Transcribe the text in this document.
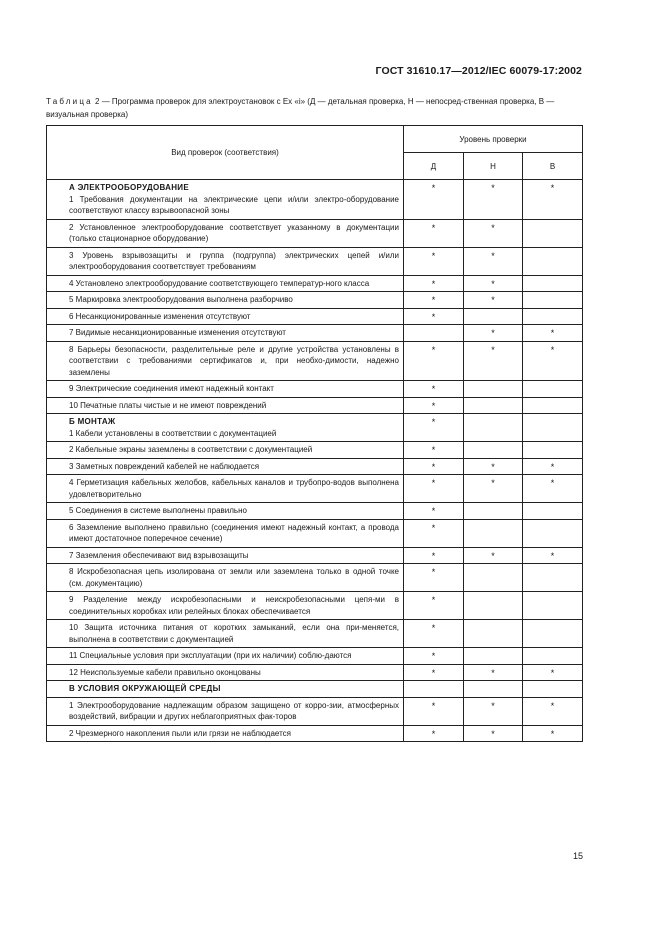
ГОСТ 31610.17—2012/IEC 60079-17:2002
Таблица 2 — Программа проверок для электроустановок с Ex «i» (Д — детальная проверка, Н — непосред-ственная проверка, В — визуальная проверка)
Вид проверок (соответствия)	Уровень проверки		
	Д	Н	В

А ЭЛЕКТРООБОРУДОВАНИЕ
1 Требования документации на электрические цепи и/или электро-оборудование соответствуют классу взрывоопасной зоны	*	*	*

2 Установленное электрооборудование соответствует указанному в документации (только стационарное оборудование)	*	*	

3 Уровень взрывозащиты и группа (подгруппа) электрических цепей и/или электрооборудования соответствует требованиям	*	*	

4 Установлено электрооборудование соответствующего температур-ного класса	*	*	

5 Маркировка электрооборудования выполнена разборчиво	*	*	

6 Несанкционированные изменения отсутствуют	*		

7 Видимые несанкционированные изменения отсутствуют		*	*

8 Барьеры безопасности, разделительные реле и другие устройства установлены в соответствии с требованиями сертификатов и, при необхо-димости, надежно заземлены	*	*	*

9 Электрические соединения имеют надежный контакт	*		

10 Печатные платы чистые и не имеют повреждений	*		

Б МОНТАЖ
1 Кабели установлены в соответствии с документацией	*		

2 Кабельные экраны заземлены в соответствии с документацией	*		

3 Заметных повреждений кабелей не наблюдается	*	*	*

4 Герметизация кабельных желобов, кабельных каналов и трубопро-водов выполнена удовлетворительно	*	*	*

5 Соединения в системе выполнены правильно	*		

6 Заземление выполнено правильно (соединения имеют надежный контакт, а провода имеют достаточное поперечное сечение)	*		

7 Заземления обеспечивают вид взрывозащиты	*	*	*

8 Искробезопасная цепь изолирована от земли или заземлена только в одной точке (см. документацию)	*		

9 Разделение между искробезопасными и неискробезопасными цепя-ми в соединительных коробках или релейных блоках обеспечивается	*		

10 Защита источника питания от коротких замыканий, если она при-меняется, выполнена в соответствии с документацией	*		

11 Специальные условия при эксплуатации (при их наличии) соблю-даются	*		

12 Неиспользуемые кабели правильно оконцованы	*	*	*

В УСЛОВИЯ ОКРУЖАЮЩЕЙ СРЕДЫ			

1 Электрооборудование надлежащим образом защищено от корро-зии, атмосферных воздействий, вибрации и других неблагоприятных фак-торов	*	*	*

2 Чрезмерного накопления пыли или грязи не наблюдается	*	*	*
15
